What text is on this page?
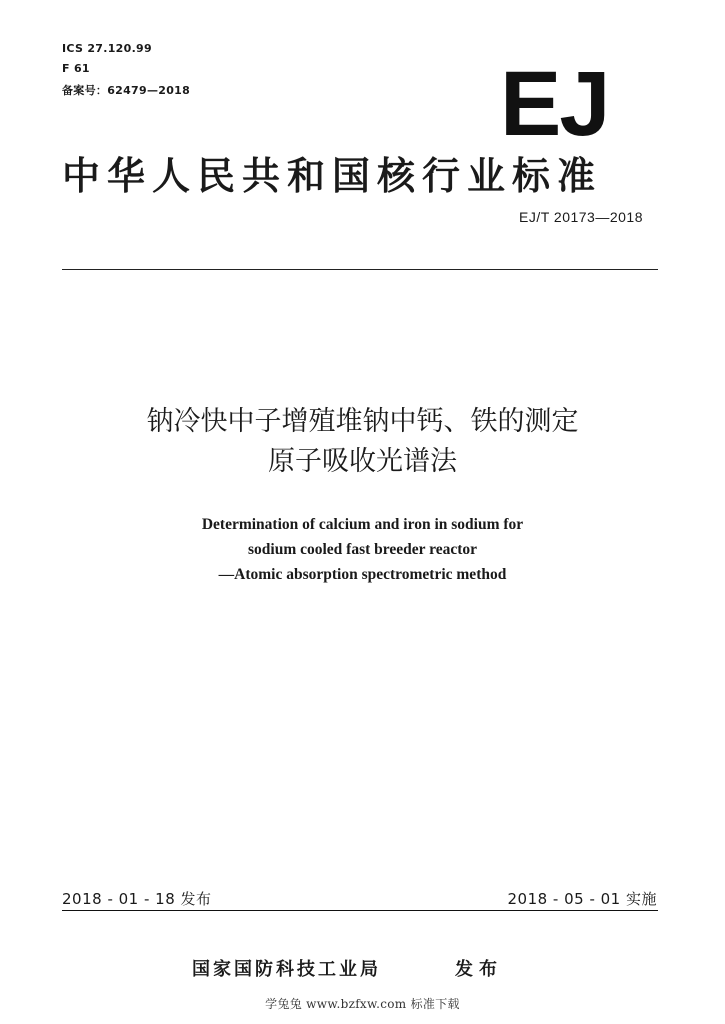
ICS 27.120.99
F 61
备案号：62479—2018	EJ
中华人民共和国核行业标准
EJ/T 20173—2018
钠冷快中子增殖堆钠中钙、铁的测定
原子吸收光谱法
Determination of calcium and iron in sodium for
sodium cooled fast breeder reactor
—Atomic absorption spectrometric method
2018 - 01 - 18 发布	2018 - 05 - 01 实施
国家国防科技工业局	发布
学兔兔 www.bzfxw.com 标准下载
